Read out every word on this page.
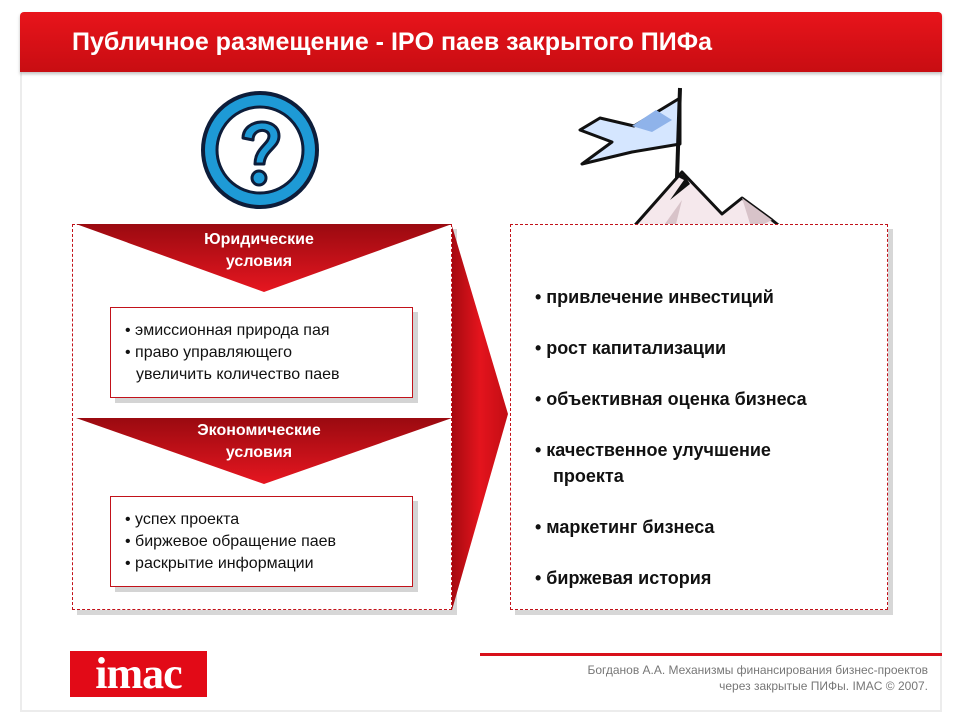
Публичное размещение - IPO паев закрытого ПИФа
Юридические
условия
Экономические
условия
• эмиссионная природа пая
• право управляющего
увеличить количество паев
• успех проекта
• биржевое обращение паев
• раскрытие информации
• привлечение инвестиций
• рост капитализации
• объективная оценка бизнеса
• качественное улучшение
проекта
• маркетинг бизнеса
• биржевая история
imac	Богданов А.А. Механизмы финансирования бизнес-проектов
через закрытые ПИФы. IMAC © 2007.
